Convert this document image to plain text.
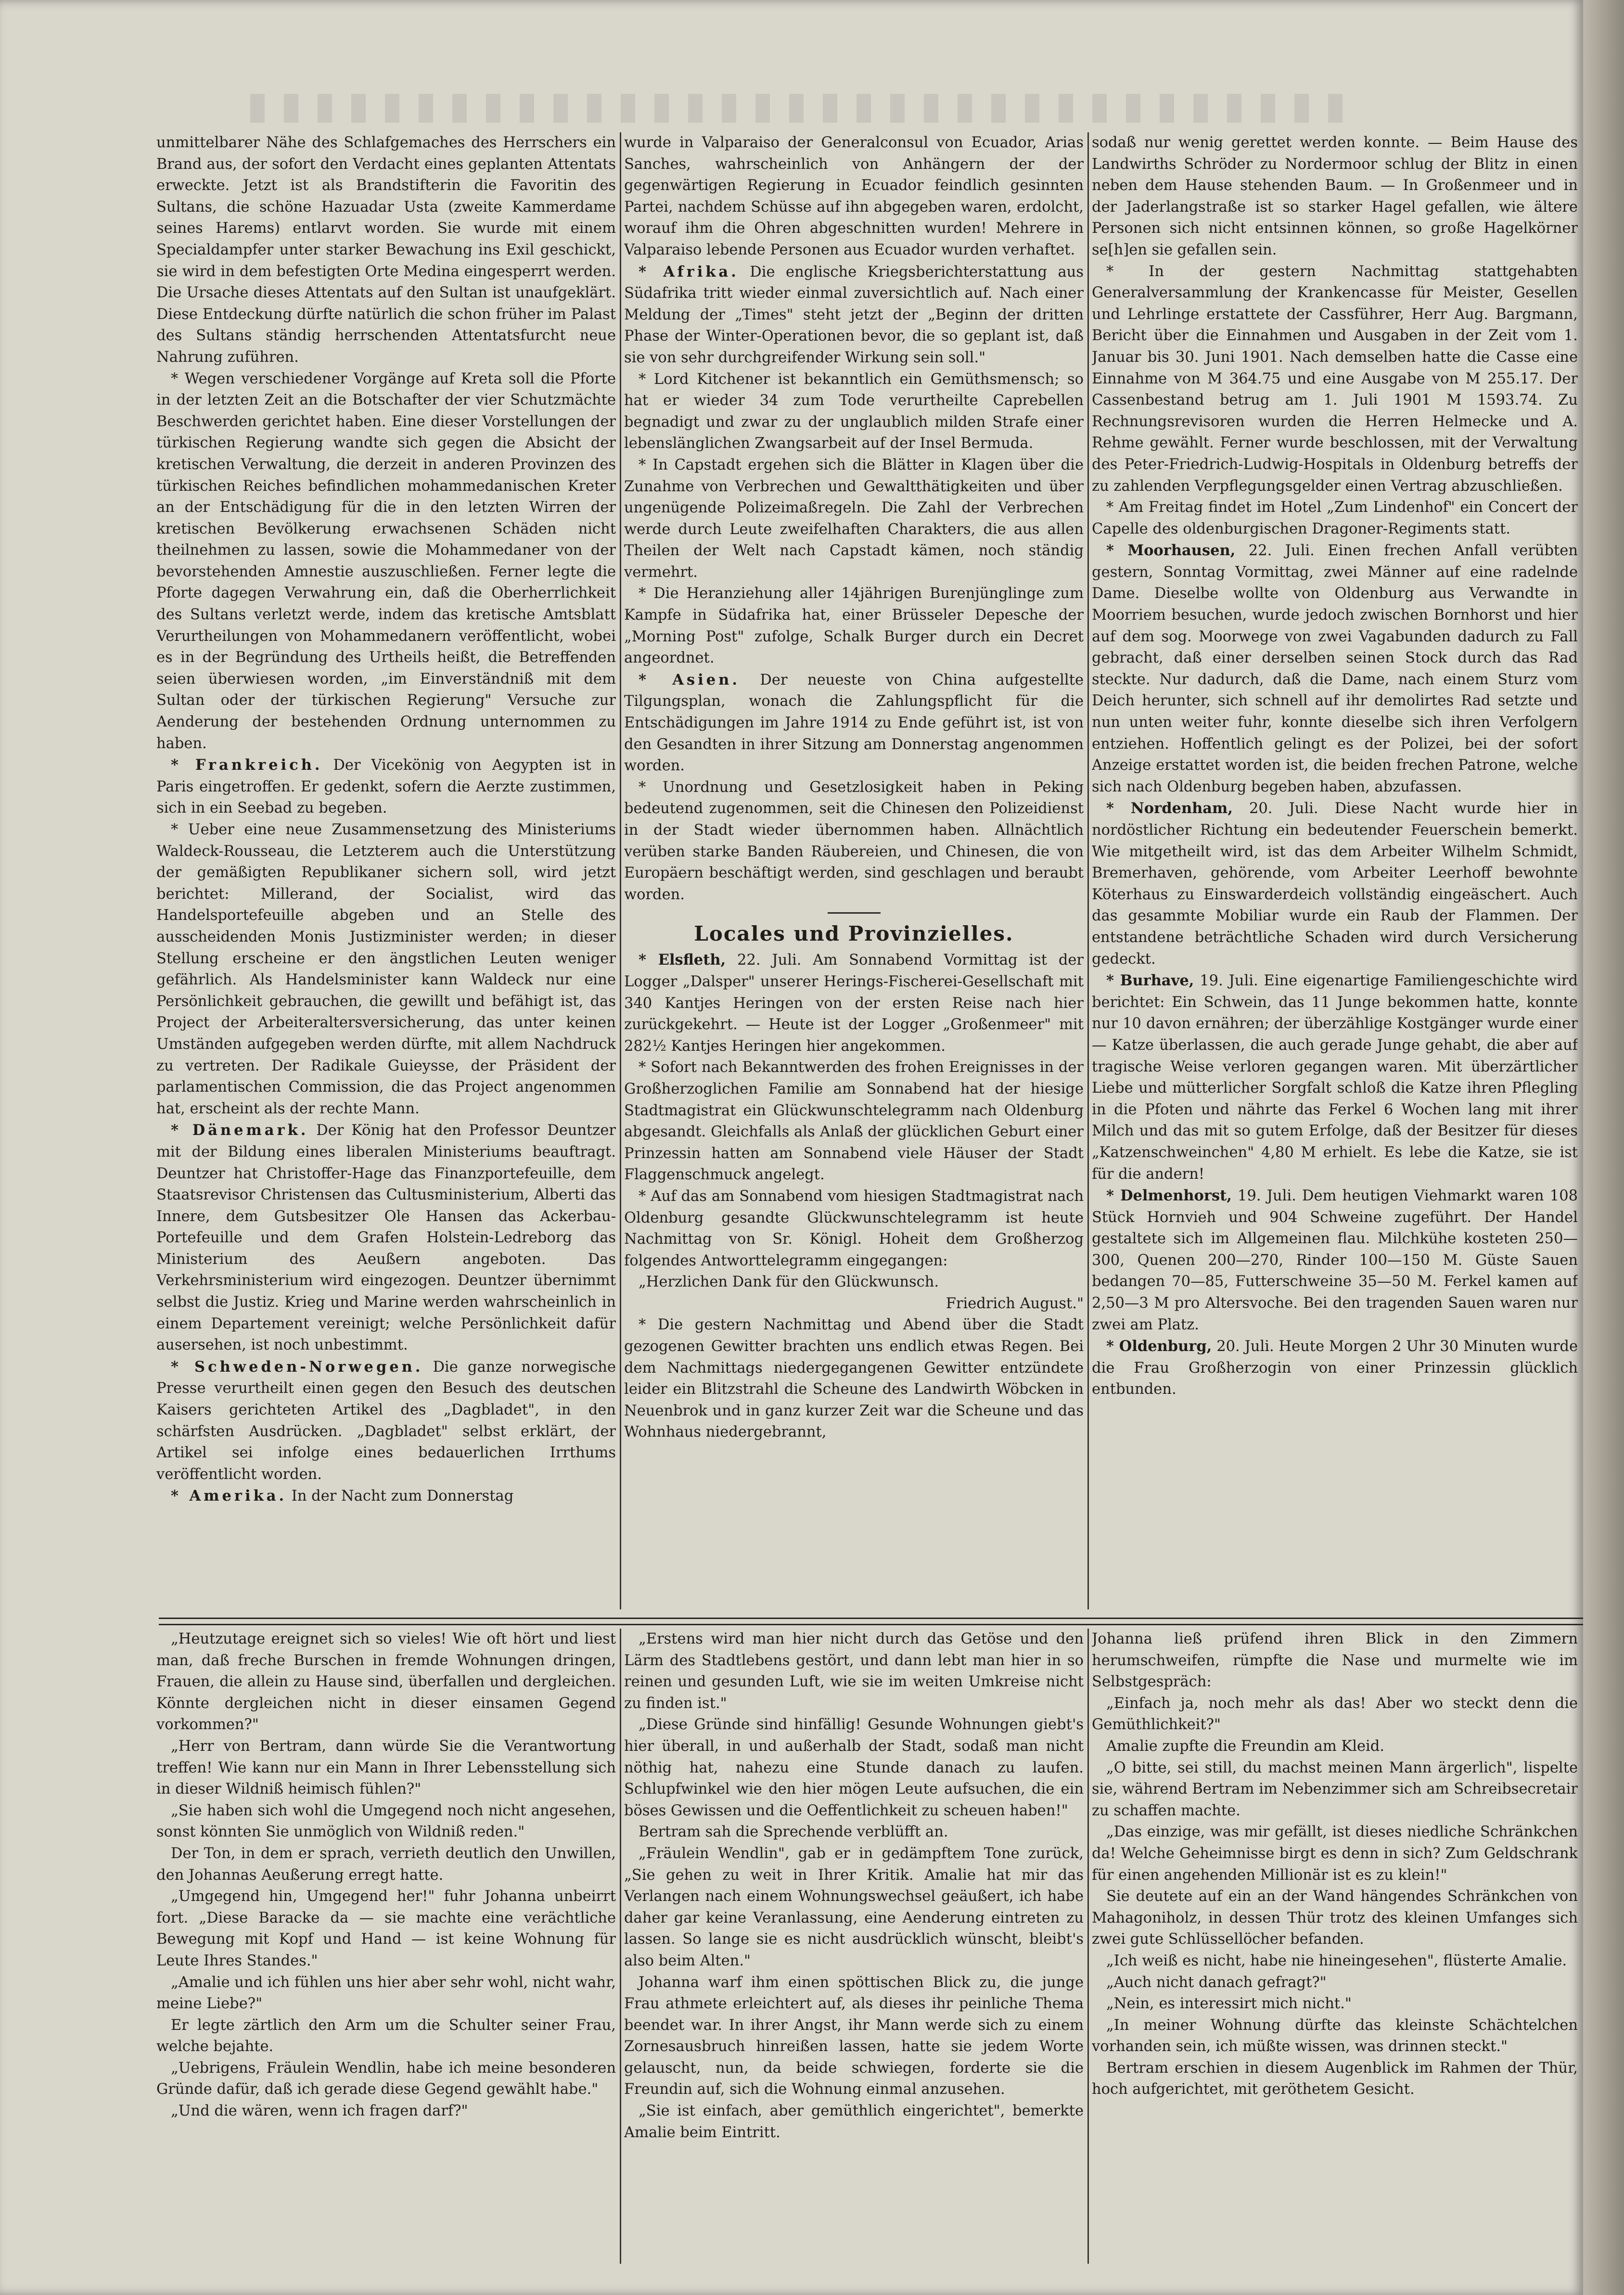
unmittelbarer Nähe des Schlafgemaches des Herrschers ein Brand aus, der sofort den Verdacht eines geplanten Attentats erweckte. Jetzt ist als Brandstifterin die Favoritin des Sultans, die schöne Hazuadar Usta (zweite Kammerdame seines Harems) entlarvt worden. Sie wurde mit einem Specialdampfer unter starker Bewachung ins Exil geschickt, sie wird in dem befestigten Orte Medina eingesperrt werden. Die Ursache dieses Attentats auf den Sultan ist unaufgeklärt. Diese Entdeckung dürfte natürlich die schon früher im Palast des Sultans ständig herrschenden Attentatsfurcht neue Nahrung zuführen.

* Wegen verschiedener Vorgänge auf Kreta soll die Pforte in der letzten Zeit an die Botschafter der vier Schutzmächte Beschwerden gerichtet haben. Eine dieser Vorstellungen der türkischen Regierung wandte sich gegen die Absicht der kretischen Verwaltung, die derzeit in anderen Provinzen des türkischen Reiches befindlichen mohammedanischen Kreter an der Entschädigung für die in den letzten Wirren der kretischen Bevölkerung erwachsenen Schäden nicht theilnehmen zu lassen, sowie die Mohammedaner von der bevorstehenden Amnestie auszuschließen. Ferner legte die Pforte dagegen Verwahrung ein, daß die Oberherrlichkeit des Sultans verletzt werde, indem das kretische Amtsblatt Verurtheilungen von Mohammedanern veröffentlicht, wobei es in der Begründung des Urtheils heißt, die Betreffenden seien überwiesen worden, „im Einverständniß mit dem Sultan oder der türkischen Regierung" Versuche zur Aenderung der bestehenden Ordnung unternommen zu haben.

* Frankreich. Der Vicekönig von Aegypten ist in Paris eingetroffen. Er gedenkt, sofern die Aerzte zustimmen, sich in ein Seebad zu begeben.

* Ueber eine neue Zusammensetzung des Ministeriums Waldeck-Rousseau, die Letzterem auch die Unterstützung der gemäßigten Republikaner sichern soll, wird jetzt berichtet: Millerand, der Socialist, wird das Handelsportefeuille abgeben und an Stelle des ausscheidenden Monis Justizminister werden; in dieser Stellung erscheine er den ängstlichen Leuten weniger gefährlich. Als Handelsminister kann Waldeck nur eine Persönlichkeit gebrauchen, die gewillt und befähigt ist, das Project der Arbeiteraltersversicherung, das unter keinen Umständen aufgegeben werden dürfte, mit allem Nachdruck zu vertreten. Der Radikale Guieysse, der Präsident der parlamentischen Commission, die das Project angenommen hat, erscheint als der rechte Mann.

* Dänemark. Der König hat den Professor Deuntzer mit der Bildung eines liberalen Ministeriums beauftragt. Deuntzer hat Christoffer-Hage das Finanzportefeuille, dem Staatsrevisor Christensen das Cultusministerium, Alberti das Innere, dem Gutsbesitzer Ole Hansen das Ackerbau-Portefeuille und dem Grafen Holstein-Ledreborg das Ministerium des Aeußern angeboten. Das Verkehrsministerium wird eingezogen. Deuntzer übernimmt selbst die Justiz. Krieg und Marine werden wahrscheinlich in einem Departement vereinigt; welche Persönlichkeit dafür ausersehen, ist noch unbestimmt.

* Schweden-Norwegen. Die ganze norwegische Presse verurtheilt einen gegen den Besuch des deutschen Kaisers gerichteten Artikel des „Dagbladet", in den schärfsten Ausdrücken. „Dagbladet" selbst erklärt, der Artikel sei infolge eines bedauerlichen Irrthums veröffentlicht worden.

* Amerika. In der Nacht zum Donnerstag

wurde in Valparaiso der Generalconsul von Ecuador, Arias Sanches, wahrscheinlich von Anhängern der der gegenwärtigen Regierung in Ecuador feindlich gesinnten Partei, nachdem Schüsse auf ihn abgegeben waren, erdolcht, worauf ihm die Ohren abgeschnitten wurden! Mehrere in Valparaiso lebende Personen aus Ecuador wurden verhaftet.

* Afrika. Die englische Kriegsberichterstattung aus Südafrika tritt wieder einmal zuversichtlich auf. Nach einer Meldung der „Times" steht jetzt der „Beginn der dritten Phase der Winter-Operationen bevor, die so geplant ist, daß sie von sehr durchgreifender Wirkung sein soll."

* Lord Kitchener ist bekanntlich ein Gemüthsmensch; so hat er wieder 34 zum Tode verurtheilte Caprebellen begnadigt und zwar zu der unglaublich milden Strafe einer lebenslänglichen Zwangsarbeit auf der Insel Bermuda.

* In Capstadt ergehen sich die Blätter in Klagen über die Zunahme von Verbrechen und Gewaltthätigkeiten und über ungenügende Polizeimaßregeln. Die Zahl der Verbrechen werde durch Leute zweifelhaften Charakters, die aus allen Theilen der Welt nach Capstadt kämen, noch ständig vermehrt.

* Die Heranziehung aller 14jährigen Burenjünglinge zum Kampfe in Südafrika hat, einer Brüsseler Depesche der „Morning Post" zufolge, Schalk Burger durch ein Decret angeordnet.

* Asien. Der neueste von China aufgestellte Tilgungsplan, wonach die Zahlungspflicht für die Entschädigungen im Jahre 1914 zu Ende geführt ist, ist von den Gesandten in ihrer Sitzung am Donnerstag angenommen worden.

* Unordnung und Gesetzlosigkeit haben in Peking bedeutend zugenommen, seit die Chinesen den Polizeidienst in der Stadt wieder übernommen haben. Allnächtlich verüben starke Banden Räubereien, und Chinesen, die von Europäern beschäftigt werden, sind geschlagen und beraubt worden.

Locales und Provinzielles.

* Elsfleth, 22. Juli. Am Sonnabend Vormittag ist der Logger „Dalsper" unserer Herings-Fischerei-Gesellschaft mit 340 Kantjes Heringen von der ersten Reise nach hier zurückgekehrt. — Heute ist der Logger „Großenmeer" mit 282½ Kantjes Heringen hier angekommen.

* Sofort nach Bekanntwerden des frohen Ereignisses in der Großherzoglichen Familie am Sonnabend hat der hiesige Stadtmagistrat ein Glückwunschtelegramm nach Oldenburg abgesandt. Gleichfalls als Anlaß der glücklichen Geburt einer Prinzessin hatten am Sonnabend viele Häuser der Stadt Flaggenschmuck angelegt.

* Auf das am Sonnabend vom hiesigen Stadtmagistrat nach Oldenburg gesandte Glückwunschtelegramm ist heute Nachmittag von Sr. Königl. Hoheit dem Großherzog folgendes Antworttelegramm eingegangen:

„Herzlichen Dank für den Glückwunsch.

Friedrich August."

* Die gestern Nachmittag und Abend über die Stadt gezogenen Gewitter brachten uns endlich etwas Regen. Bei dem Nachmittags niedergegangenen Gewitter entzündete leider ein Blitzstrahl die Scheune des Landwirth Wöbcken in Neuenbrok und in ganz kurzer Zeit war die Scheune und das Wohnhaus niedergebrannt,

sodaß nur wenig gerettet werden konnte. — Beim Hause des Landwirths Schröder zu Nordermoor schlug der Blitz in einen neben dem Hause stehenden Baum. — In Großenmeer und in der Jaderlangstraße ist so starker Hagel gefallen, wie ältere Personen sich nicht entsinnen können, so große Hagelkörner se[h]en sie gefallen sein.

* In der gestern Nachmittag stattgehabten Generalversammlung der Krankencasse für Meister, Gesellen und Lehrlinge erstattete der Cassführer, Herr Aug. Bargmann, Bericht über die Einnahmen und Ausgaben in der Zeit vom 1. Januar bis 30. Juni 1901. Nach demselben hatte die Casse eine Einnahme von M 364.75 und eine Ausgabe von M 255.17. Der Cassenbestand betrug am 1. Juli 1901 M 1593.74. Zu Rechnungsrevisoren wurden die Herren Helmecke und A. Rehme gewählt. Ferner wurde beschlossen, mit der Verwaltung des Peter-Friedrich-Ludwig-Hospitals in Oldenburg betreffs der zu zahlenden Verpflegungsgelder einen Vertrag abzuschließen.

* Am Freitag findet im Hotel „Zum Lindenhof" ein Concert der Capelle des oldenburgischen Dragoner-Regiments statt.

* Moorhausen, 22. Juli. Einen frechen Anfall verübten gestern, Sonntag Vormittag, zwei Männer auf eine radelnde Dame. Dieselbe wollte von Oldenburg aus Verwandte in Moorriem besuchen, wurde jedoch zwischen Bornhorst und hier auf dem sog. Moorwege von zwei Vagabunden dadurch zu Fall gebracht, daß einer derselben seinen Stock durch das Rad steckte. Nur dadurch, daß die Dame, nach einem Sturz vom Deich herunter, sich schnell auf ihr demolirtes Rad setzte und nun unten weiter fuhr, konnte dieselbe sich ihren Verfolgern entziehen. Hoffentlich gelingt es der Polizei, bei der sofort Anzeige erstattet worden ist, die beiden frechen Patrone, welche sich nach Oldenburg begeben haben, abzufassen.

* Nordenham, 20. Juli. Diese Nacht wurde hier in nordöstlicher Richtung ein bedeutender Feuerschein bemerkt. Wie mitgetheilt wird, ist das dem Arbeiter Wilhelm Schmidt, Bremerhaven, gehörende, vom Arbeiter Leerhoff bewohnte Köterhaus zu Einswarderdeich vollständig eingeäschert. Auch das gesammte Mobiliar wurde ein Raub der Flammen. Der entstandene beträchtliche Schaden wird durch Versicherung gedeckt.

* Burhave, 19. Juli. Eine eigenartige Familiengeschichte wird berichtet: Ein Schwein, das 11 Junge bekommen hatte, konnte nur 10 davon ernähren; der überzählige Kostgänger wurde einer — Katze überlassen, die auch gerade Junge gehabt, die aber auf tragische Weise verloren gegangen waren. Mit überzärtlicher Liebe und mütterlicher Sorgfalt schloß die Katze ihren Pflegling in die Pfoten und nährte das Ferkel 6 Wochen lang mit ihrer Milch und das mit so gutem Erfolge, daß der Besitzer für dieses „Katzenschweinchen" 4,80 M erhielt. Es lebe die Katze, sie ist für die andern!

* Delmenhorst, 19. Juli. Dem heutigen Viehmarkt waren 108 Stück Hornvieh und 904 Schweine zugeführt. Der Handel gestaltete sich im Allgemeinen flau. Milchkühe kosteten 250—300, Quenen 200—270, Rinder 100—150 M. Güste Sauen bedangen 70—85, Futterschweine 35—50 M. Ferkel kamen auf 2,50—3 M pro Altersvoche. Bei den tragenden Sauen waren nur zwei am Platz.

* Oldenburg, 20. Juli. Heute Morgen 2 Uhr 30 Minuten wurde die Frau Großherzogin von einer Prinzessin glücklich entbunden.

„Heutzutage ereignet sich so vieles! Wie oft hört und liest man, daß freche Burschen in fremde Wohnungen dringen, Frauen, die allein zu Hause sind, überfallen und dergleichen. Könnte dergleichen nicht in dieser einsamen Gegend vorkommen?"

„Herr von Bertram, dann würde Sie die Verantwortung treffen! Wie kann nur ein Mann in Ihrer Lebensstellung sich in dieser Wildniß heimisch fühlen?"

„Sie haben sich wohl die Umgegend noch nicht angesehen, sonst könnten Sie unmöglich von Wildniß reden."

Der Ton, in dem er sprach, verrieth deutlich den Unwillen, den Johannas Aeußerung erregt hatte.

„Umgegend hin, Umgegend her!" fuhr Johanna unbeirrt fort. „Diese Baracke da — sie machte eine verächtliche Bewegung mit Kopf und Hand — ist keine Wohnung für Leute Ihres Standes."

„Amalie und ich fühlen uns hier aber sehr wohl, nicht wahr, meine Liebe?"

Er legte zärtlich den Arm um die Schulter seiner Frau, welche bejahte.

„Uebrigens, Fräulein Wendlin, habe ich meine besonderen Gründe dafür, daß ich gerade diese Gegend gewählt habe."

„Und die wären, wenn ich fragen darf?"

„Erstens wird man hier nicht durch das Getöse und den Lärm des Stadtlebens gestört, und dann lebt man hier in so reinen und gesunden Luft, wie sie im weiten Umkreise nicht zu finden ist."

„Diese Gründe sind hinfällig! Gesunde Wohnungen giebt's hier überall, in und außerhalb der Stadt, sodaß man nicht nöthig hat, nahezu eine Stunde danach zu laufen. Schlupfwinkel wie den hier mögen Leute aufsuchen, die ein böses Gewissen und die Oeffentlichkeit zu scheuen haben!"

Bertram sah die Sprechende verblüfft an.

„Fräulein Wendlin", gab er in gedämpftem Tone zurück, „Sie gehen zu weit in Ihrer Kritik. Amalie hat mir das Verlangen nach einem Wohnungswechsel geäußert, ich habe daher gar keine Veranlassung, eine Aenderung eintreten zu lassen. So lange sie es nicht ausdrücklich wünscht, bleibt's also beim Alten."

Johanna warf ihm einen spöttischen Blick zu, die junge Frau athmete erleichtert auf, als dieses ihr peinliche Thema beendet war. In ihrer Angst, ihr Mann werde sich zu einem Zornesausbruch hinreißen lassen, hatte sie jedem Worte gelauscht, nun, da beide schwiegen, forderte sie die Freundin auf, sich die Wohnung einmal anzusehen.

„Sie ist einfach, aber gemüthlich eingerichtet", bemerkte Amalie beim Eintritt.

Johanna ließ prüfend ihren Blick in den Zimmern herumschweifen, rümpfte die Nase und murmelte wie im Selbstgespräch:

„Einfach ja, noch mehr als das! Aber wo steckt denn die Gemüthlichkeit?"

Amalie zupfte die Freundin am Kleid.

„O bitte, sei still, du machst meinen Mann ärgerlich", lispelte sie, während Bertram im Nebenzimmer sich am Schreibsecretair zu schaffen machte.

„Das einzige, was mir gefällt, ist dieses niedliche Schränkchen da! Welche Geheimnisse birgt es denn in sich? Zum Geldschrank für einen angehenden Millionär ist es zu klein!"

Sie deutete auf ein an der Wand hängendes Schränkchen von Mahagoniholz, in dessen Thür trotz des kleinen Umfanges sich zwei gute Schlüssellöcher befanden.

„Ich weiß es nicht, habe nie hineingesehen", flüsterte Amalie.

„Auch nicht danach gefragt?"

„Nein, es interessirt mich nicht."

„In meiner Wohnung dürfte das kleinste Schächtelchen vorhanden sein, ich müßte wissen, was drinnen steckt."

Bertram erschien in diesem Augenblick im Rahmen der Thür, hoch aufgerichtet, mit geröthetem Gesicht.
